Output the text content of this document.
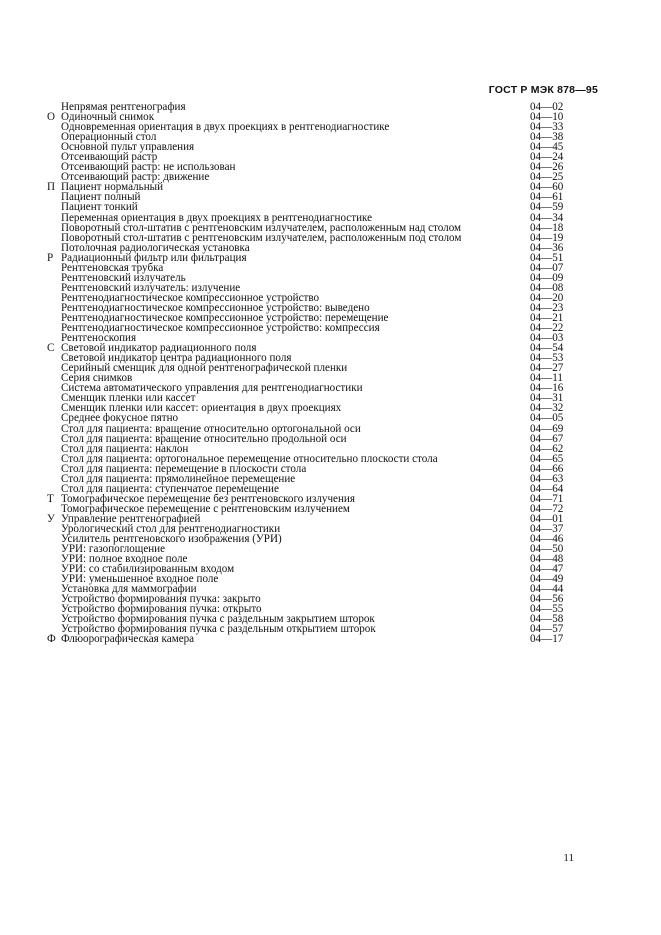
ГОСТ Р МЭК 878—95
Непрямая рентгенография	04—02
О Одиночный снимок	04—10
Одновременная ориентация в двух проекциях в рентгенодиагностике	04—33
Операционный стол	04—38
Основной пульт управления	04—45
Отсеивающий растр	04—24
Отсеивающий растр: не использован	04—26
Отсеивающий растр: движение	04—25
П Пациент нормальный	04—60
Пациент полный	04—61
Пациент тонкий	04—59
Переменная ориентация в двух проекциях в рентгенодиагностике	04—34
Поворотный стол-штатив с рентгеновским излучателем, расположенным над столом	04—18
Поворотный стол-штатив с рентгеновским излучателем, расположенным под столом	04—19
Потолочная радиологическая установка	04—36
Р Радиационный фильтр или фильтрация	04—51
Рентгеновская трубка	04—07
Рентгеновский излучатель	04—09
Рентгеновский излучатель: излучение	04—08
Рентгенодиагностическое компрессионное устройство	04—20
Рентгенодиагностическое компрессионное устройство: выведено	04—23
Рентгенодиагностическое компрессионное устройство: перемещение	04—21
Рентгенодиагностическое компрессионное устройство: компрессия	04—22
Рентгеноскопия	04—03
С Световой индикатор радиационного поля	04—54
Световой индикатор центра радиационного поля	04—53
Серийный сменщик для одной рентгенографической пленки	04—27
Серия снимков	04—11
Система автоматического управления для рентгенодиагностики	04—16
Сменщик пленки или кассет	04—31
Сменщик пленки или кассет: ориентация в двух проекциях	04—32
Среднее фокусное пятно	04—05
Стол для пациента: вращение относительно ортогональной оси	04—69
Стол для пациента: вращение относительно продольной оси	04—67
Стол для пациента: наклон	04—62
Стол для пациента: ортогональное перемещение относительно плоскости стола	04—65
Стол для пациента: перемещение в плоскости стола	04—66
Стол для пациента: прямолинейное перемещение	04—63
Стол для пациента: ступенчатое перемещение	04—64
Т Томографическое перемещение без рентгеновского излучения	04—71
Томографическое перемещение с рентгеновским излучением	04—72
У Управление рентгенографией	04—01
Урологический стол для рентгенодиагностики	04—37
Усилитель рентгеновского изображения (УРИ)	04—46
УРИ: газопоглощение	04—50
УРИ: полное входное поле	04—48
УРИ: со стабилизированным входом	04—47
УРИ: уменьшенное входное поле	04—49
Установка для маммографии	04—44
Устройство формирования пучка: закрыто	04—56
Устройство формирования пучка: открыто	04—55
Устройство формирования пучка с раздельным закрытием шторок	04—58
Устройство формирования пучка с раздельным открытием шторок	04—57
Ф Флюорографическая камера	04—17
11
